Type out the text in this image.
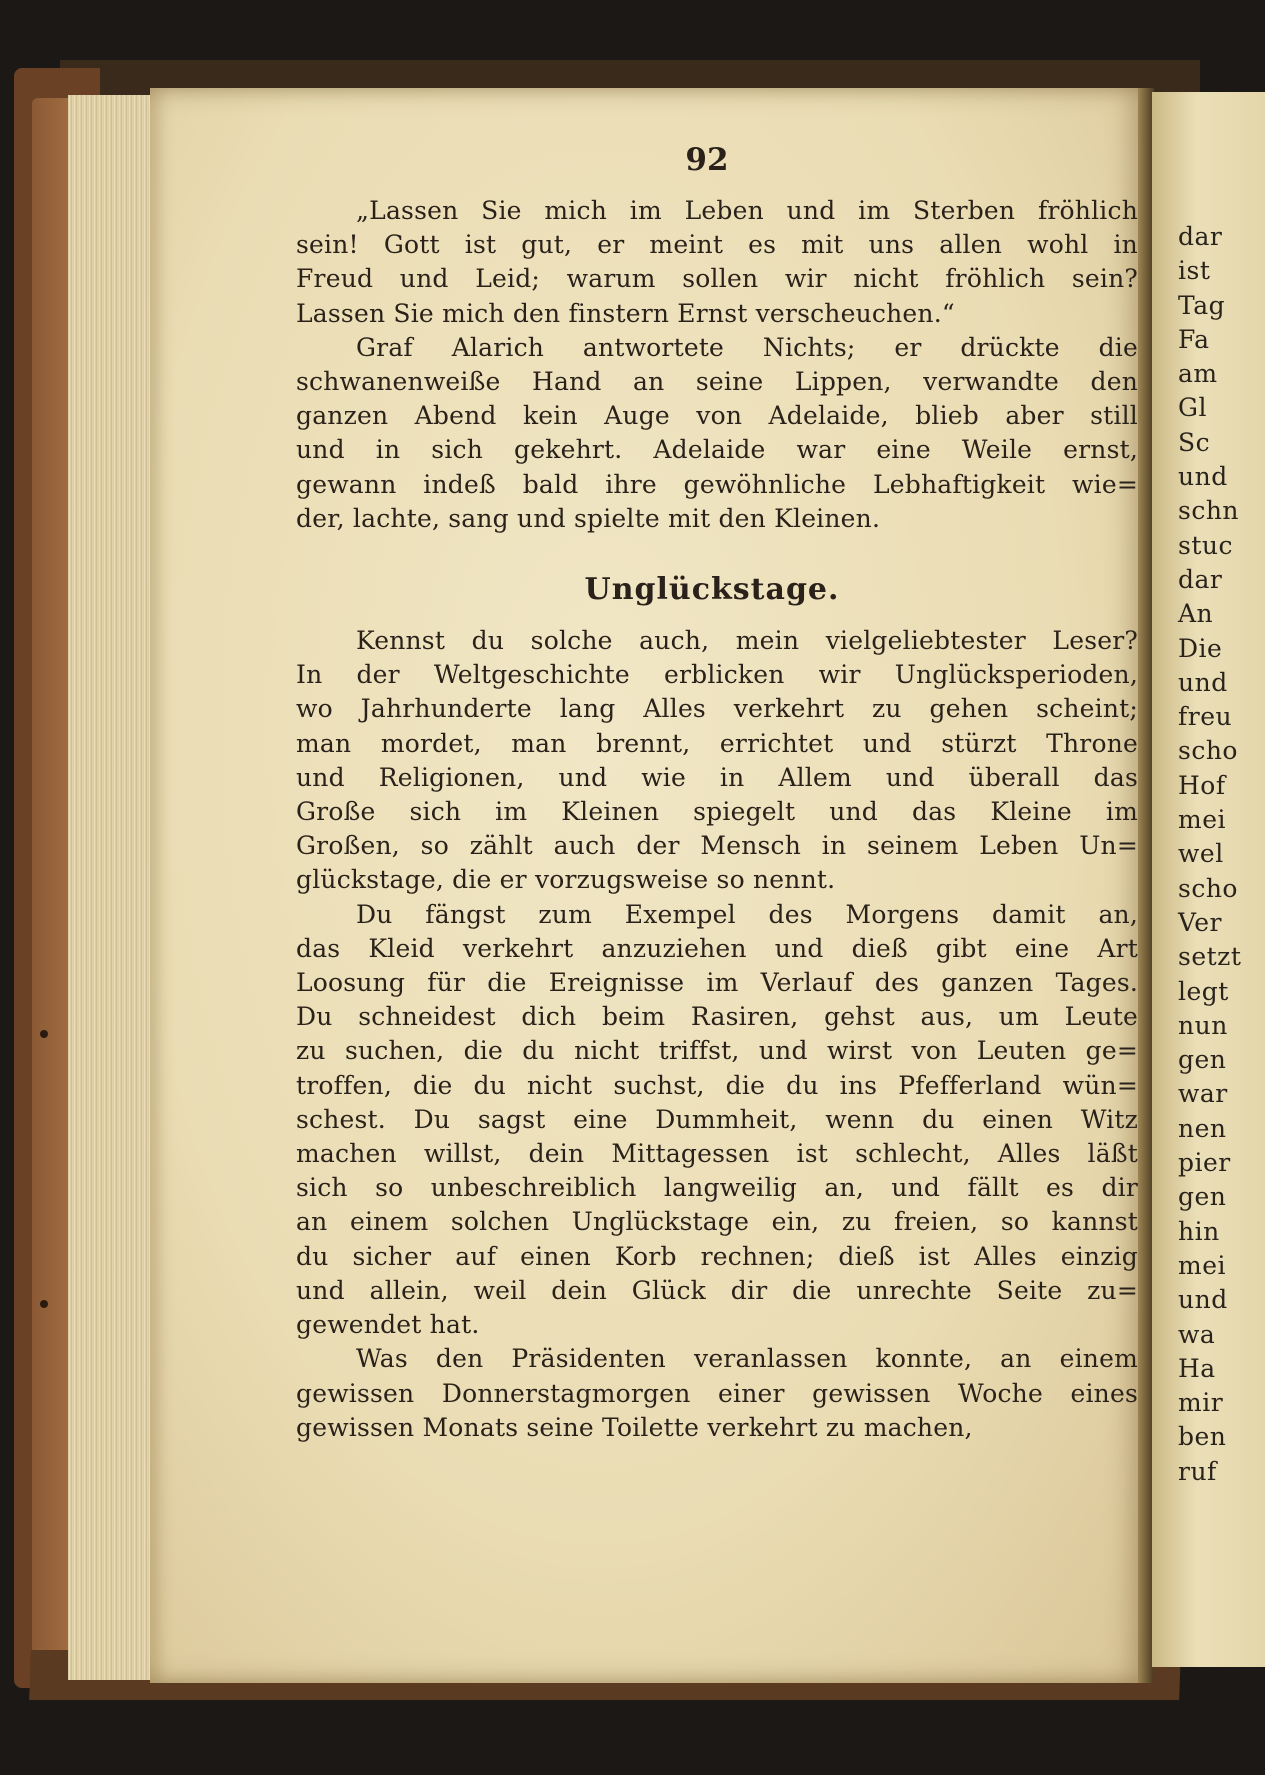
dar
ist
Tag
Fa
am
Gl
Sc
und
schn
stuc
dar
An
Die
und
freu
scho
Hof
mei
wel
scho
Ver
setzt
legt
nun
gen
war
nen
pier
gen
hin
mei
und
wa
Ha
mir
ben
ruf
92

„Lassen Sie mich im Leben und im Sterben fröhlich
sein! Gott ist gut, er meint es mit uns allen wohl in
Freud und Leid; warum sollen wir nicht fröhlich sein?
Lassen Sie mich den finstern Ernst verscheuchen.“

Graf Alarich antwortete Nichts; er drückte die
schwanenweiße Hand an seine Lippen, verwandte den
ganzen Abend kein Auge von Adelaide, blieb aber still
und in sich gekehrt. Adelaide war eine Weile ernst,
gewann indeß bald ihre gewöhnliche Lebhaftigkeit wie=
der, lachte, sang und spielte mit den Kleinen.

Unglückstage.

Kennst du solche auch, mein vielgeliebtester Leser?
In der Weltgeschichte erblicken wir Unglücksperioden,
wo Jahrhunderte lang Alles verkehrt zu gehen scheint;
man mordet, man brennt, errichtet und stürzt Throne
und Religionen, und wie in Allem und überall das
Große sich im Kleinen spiegelt und das Kleine im
Großen, so zählt auch der Mensch in seinem Leben Un=
glückstage, die er vorzugsweise so nennt.

Du fängst zum Exempel des Morgens damit an,
das Kleid verkehrt anzuziehen und dieß gibt eine Art
Loosung für die Ereignisse im Verlauf des ganzen Tages.
Du schneidest dich beim Rasiren, gehst aus, um Leute
zu suchen, die du nicht triffst, und wirst von Leuten ge=
troffen, die du nicht suchst, die du ins Pfefferland wün=
schest. Du sagst eine Dummheit, wenn du einen Witz
machen willst, dein Mittagessen ist schlecht, Alles läßt
sich so unbeschreiblich langweilig an, und fällt es dir
an einem solchen Unglückstage ein, zu freien, so kannst
du sicher auf einen Korb rechnen; dieß ist Alles einzig
und allein, weil dein Glück dir die unrechte Seite zu=
gewendet hat.

Was den Präsidenten veranlassen konnte, an einem
gewissen Donnerstagmorgen einer gewissen Woche eines
gewissen Monats seine Toilette verkehrt zu machen,
